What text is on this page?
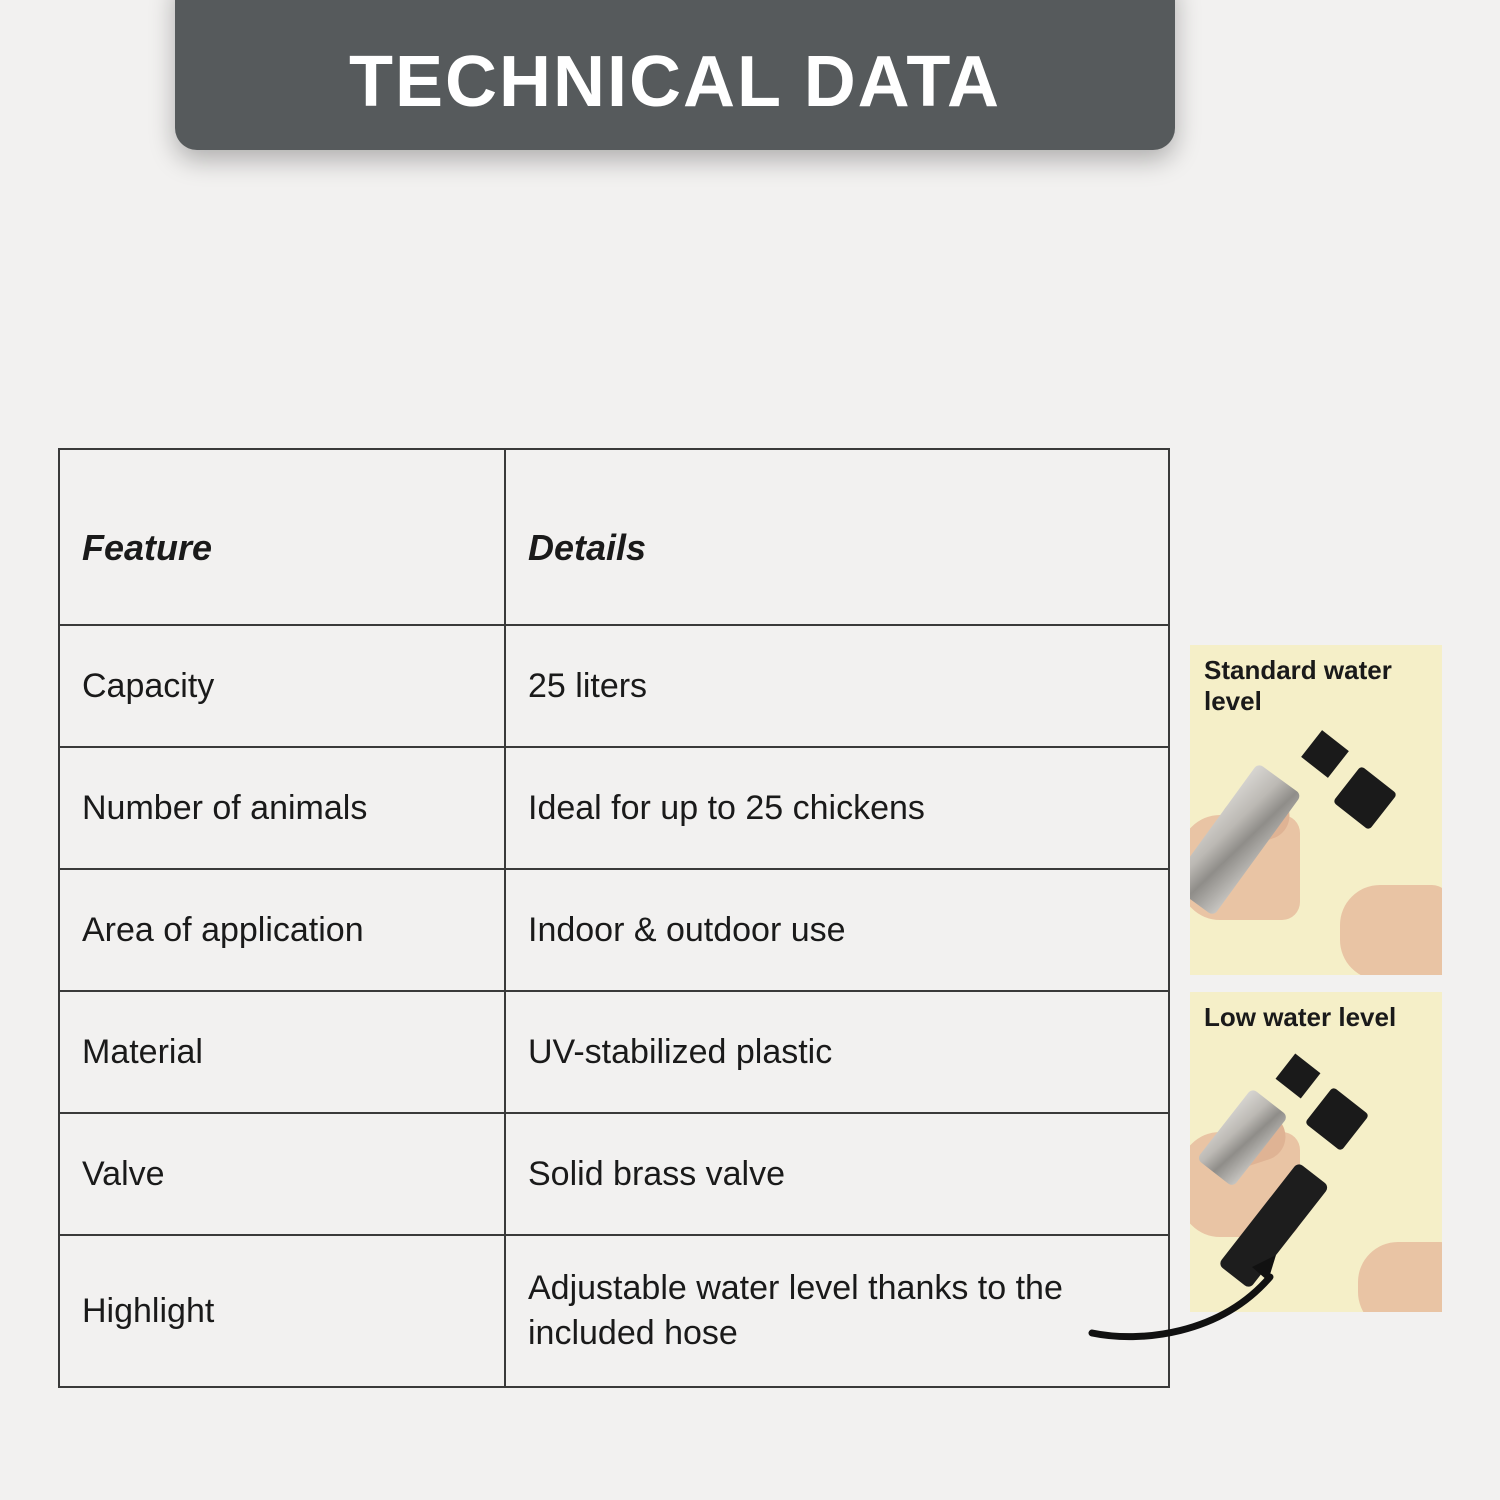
TECHNICAL DATA
Feature	Details
Capacity	25 liters
Number of animals	Ideal for up to 25 chickens
Area of application	Indoor & outdoor use
Material	UV-stabilized plastic
Valve	Solid brass valve
Highlight	Adjustable water level thanks to the included hose
Standard water level
Low water level
